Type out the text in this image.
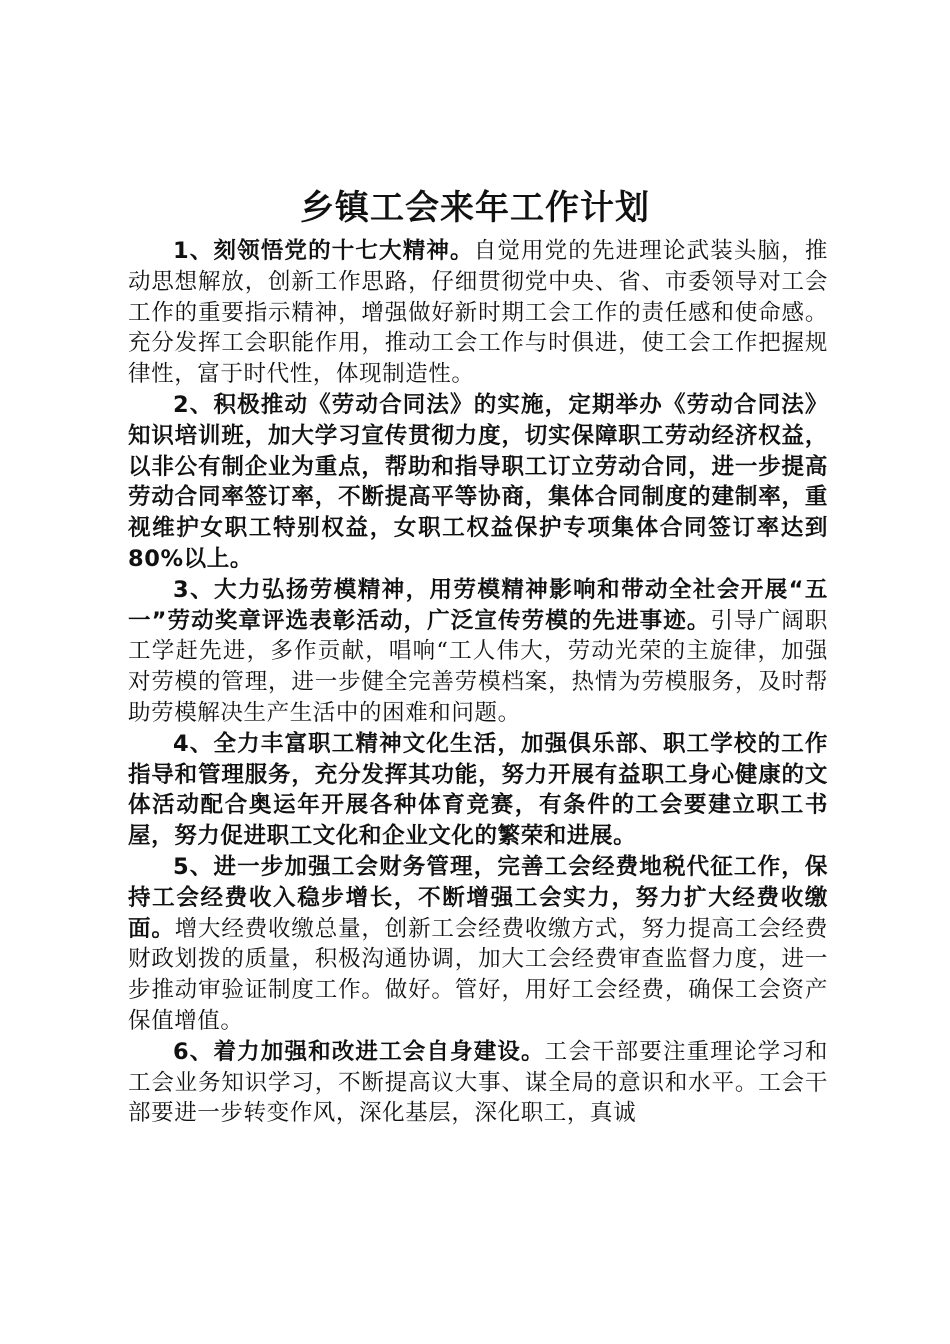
乡镇工会来年工作计划

1、刻领悟党的十七大精神。自觉用党的先进理论武装头脑，推动思想解放，创新工作思路，仔细贯彻党中央、省、市委领导对工会工作的重要指示精神，增强做好新时期工会工作的责任感和使命感。充分发挥工会职能作用，推动工会工作与时俱进，使工会工作把握规律性，富于时代性，体现制造性。

2、积极推动《劳动合同法》的实施，定期举办《劳动合同法》知识培训班，加大学习宣传贯彻力度，切实保障职工劳动经济权益，以非公有制企业为重点，帮助和指导职工订立劳动合同，进一步提高劳动合同率签订率，不断提高平等协商，集体合同制度的建制率，重视维护女职工特别权益，女职工权益保护专项集体合同签订率达到80%以上。

3、大力弘扬劳模精神，用劳模精神影响和带动全社会开展“五一”劳动奖章评选表彰活动，广泛宣传劳模的先进事迹。引导广阔职工学赶先进，多作贡献，唱响“工人伟大，劳动光荣的主旋律，加强对劳模的管理，进一步健全完善劳模档案，热情为劳模服务，及时帮助劳模解决生产生活中的困难和问题。

4、全力丰富职工精神文化生活，加强俱乐部、职工学校的工作指导和管理服务，充分发挥其功能，努力开展有益职工身心健康的文体活动配合奥运年开展各种体育竞赛，有条件的工会要建立职工书屋，努力促进职工文化和企业文化的繁荣和进展。

5、进一步加强工会财务管理，完善工会经费地税代征工作，保持工会经费收入稳步增长，不断增强工会实力，努力扩大经费收缴面。增大经费收缴总量，创新工会经费收缴方式，努力提高工会经费财政划拨的质量，积极沟通协调，加大工会经费审查监督力度，进一步推动审验证制度工作。做好。管好，用好工会经费，确保工会资产保值增值。

6、着力加强和改进工会自身建设。工会干部要注重理论学习和工会业务知识学习，不断提高议大事、谋全局的意识和水平。工会干部要进一步转变作风，深化基层，深化职工，真诚
